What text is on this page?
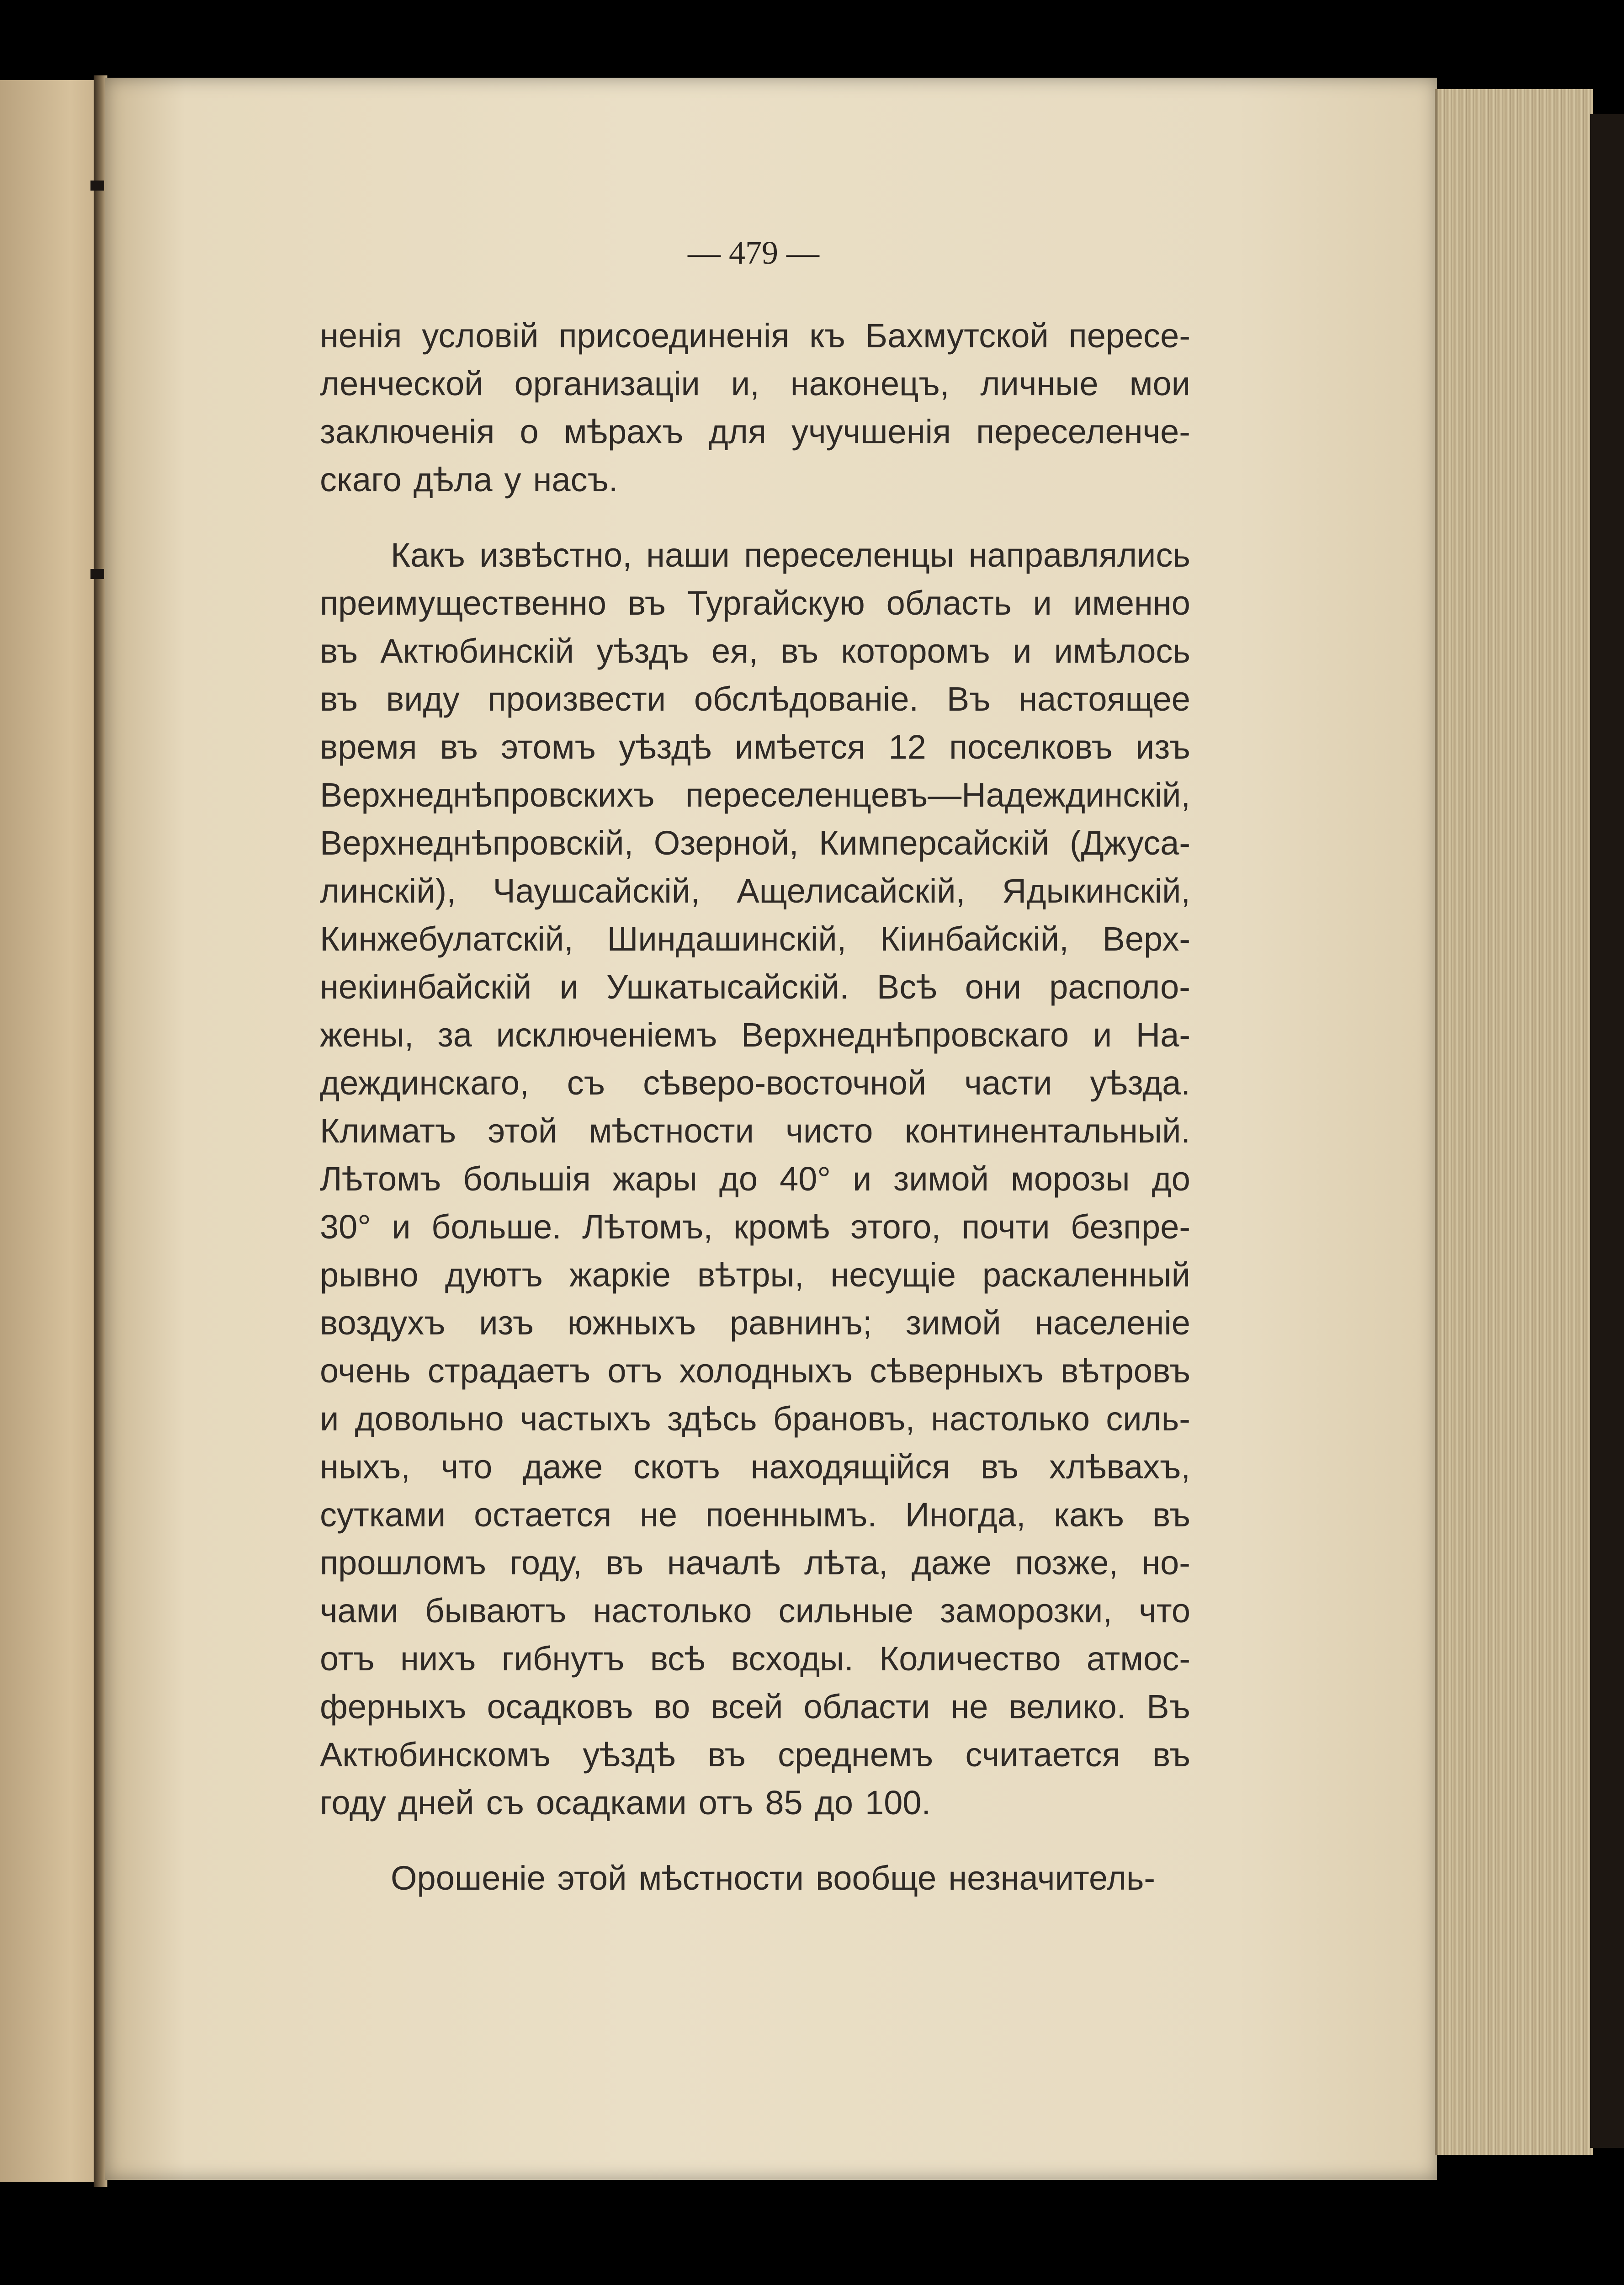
— 479 —
ненія условій присоединенія къ Бахмутской пересе-
ленческой организаціи и, наконецъ, личные мои
заключенія о мѣрахъ для учучшенія переселенче-
скаго дѣла у насъ.
Какъ извѣстно, наши переселенцы направлялись
преимущественно въ Тургайскую область и именно
въ Актюбинскій уѣздъ ея, въ которомъ и имѣлось
въ виду произвести обслѣдованіе. Въ настоящее
время въ этомъ уѣздѣ имѣется 12 поселковъ изъ
Верхнеднѣпровскихъ переселенцевъ—Надеждинскій,
Верхнеднѣпровскій, Озерной, Кимперсайскій (Джуса-
линскій), Чаушсайскій, Ащелисайскій, Ядыкинскій,
Кинжебулатскій, Шиндашинскій, Кіинбайскій, Верх-
некіинбайскій и Ушкатысайскій. Всѣ они располо-
жены, за исключеніемъ Верхнеднѣпровскаго и На-
деждинскаго, съ сѣверо-восточной части уѣзда.
Климатъ этой мѣстности чисто континентальный.
Лѣтомъ большія жары до 40° и зимой морозы до
30° и больше. Лѣтомъ, кромѣ этого, почти безпре-
рывно дуютъ жаркіе вѣтры, несущіе раскаленный
воздухъ изъ южныхъ равнинъ; зимой населеніе
очень страдаетъ отъ холодныхъ сѣверныхъ вѣтровъ
и довольно частыхъ здѣсь брановъ, настолько силь-
ныхъ, что даже скотъ находящійся въ хлѣвахъ,
сутками остается не поеннымъ. Иногда, какъ въ
прошломъ году, въ началѣ лѣта, даже позже, но-
чами бываютъ настолько сильные заморозки, что
отъ нихъ гибнутъ всѣ всходы. Количество атмос-
ферныхъ осадковъ во всей области не велико. Въ
Актюбинскомъ уѣздѣ въ среднемъ считается въ
году дней съ осадками отъ 85 до 100.
Орошеніе этой мѣстности вообще незначитель-
